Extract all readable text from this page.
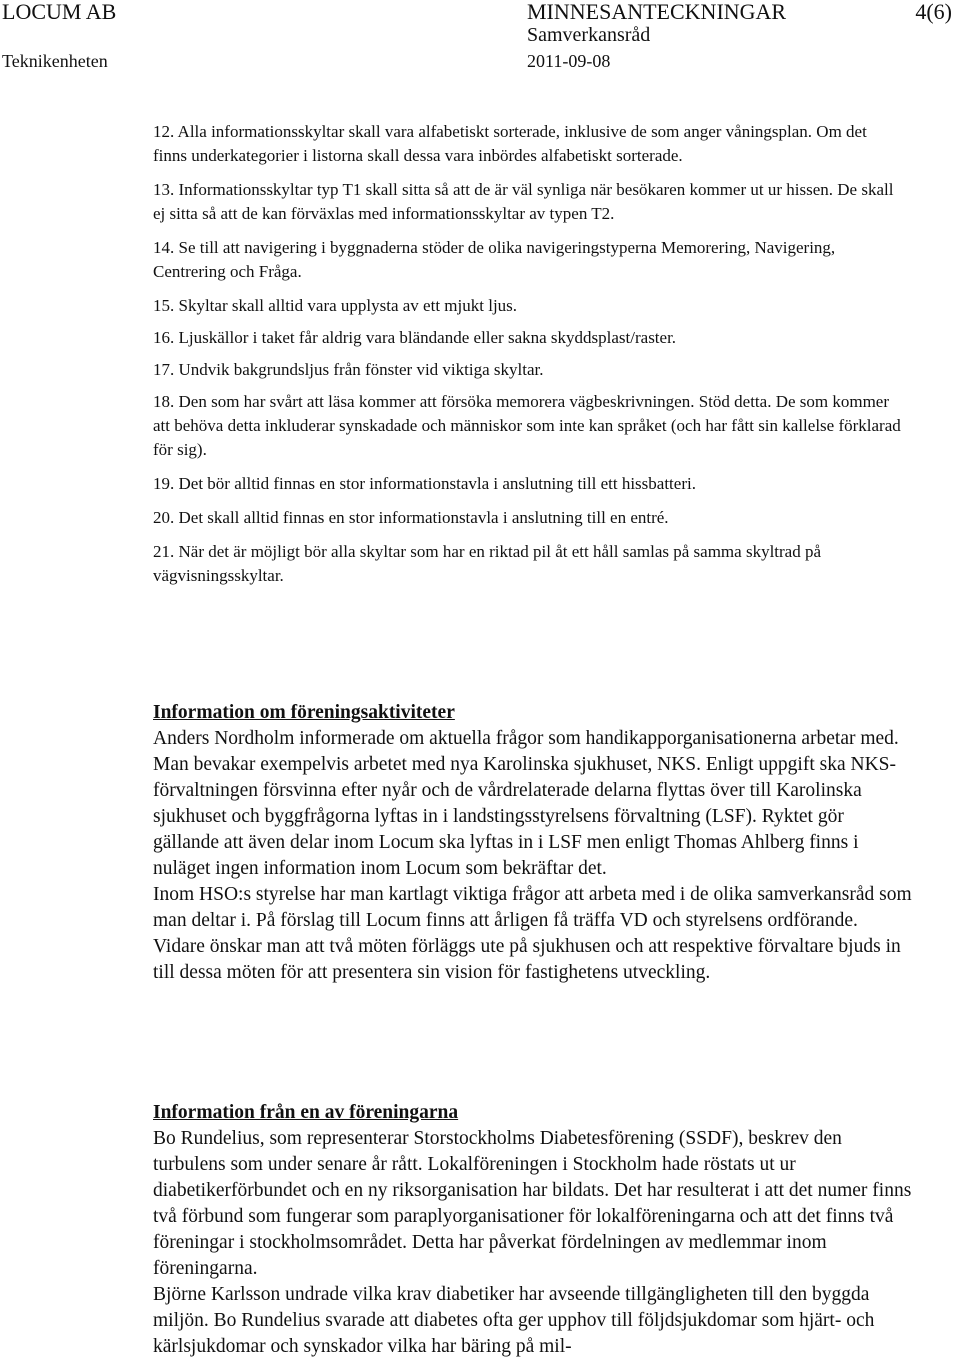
LOCUM AB	MINNESANTECKNINGAR	4(6)
Samverkansråd
Teknikenheten	2011-09-08
12. Alla informationsskyltar skall vara alfabetiskt sorterade, inklusive de som anger våningsplan. Om det finns underkategorier i listorna skall dessa vara inbördes alfabetiskt sorterade.
13. Informationsskyltar typ T1 skall sitta så att de är väl synliga när besökaren kommer ut ur hissen. De skall ej sitta så att de kan förväxlas med informationsskyltar av typen T2.
14. Se till att navigering i byggnaderna stöder de olika navigeringstyperna Memorering, Navigering, Centrering och Fråga.
15. Skyltar skall alltid vara upplysta av ett mjukt ljus.
16. Ljuskällor i taket får aldrig vara bländande eller sakna skyddsplast/raster.
17. Undvik bakgrundsljus från fönster vid viktiga skyltar.
18. Den som har svårt att läsa kommer att försöka memorera vägbeskrivningen. Stöd detta. De som kommer att behöva detta inkluderar synskadade och människor som inte kan språket (och har fått sin kallelse förklarad för sig).
19. Det bör alltid finnas en stor informationstavla i anslutning till ett hissbatteri.
20. Det skall alltid finnas en stor informationstavla i anslutning till en entré.
21. När det är möjligt bör alla skyltar som har en riktad pil åt ett håll samlas på samma skyltrad på vägvisningsskyltar.
Information om föreningsaktiviteter

Anders Nordholm informerade om aktuella frågor som handikapporganisationerna arbetar med. Man bevakar exempelvis arbetet med nya Karolinska sjukhuset, NKS. Enligt uppgift ska NKS-förvaltningen försvinna efter nyår och de vårdrelaterade delarna flyttas över till Karolinska sjukhuset och byggfrågorna lyftas in i landstingsstyrelsens förvaltning (LSF). Ryktet gör gällande att även delar inom Locum ska lyftas in i LSF men enligt Thomas Ahlberg finns i nuläget ingen information inom Locum som bekräftar det.

Inom HSO:s styrelse har man kartlagt viktiga frågor att arbeta med i de olika samverkansråd som man deltar i. På förslag till Locum finns att årligen få träffa VD och styrelsens ordförande. Vidare önskar man att två möten förläggs ute på sjukhusen och att respektive förvaltare bjuds in till dessa möten för att presentera sin vision för fastighetens utveckling.

Information från en av föreningarna

Bo Rundelius, som representerar Storstockholms Diabetesförening (SSDF), beskrev den turbulens som under senare år rått. Lokalföreningen i Stockholm hade röstats ut ur diabetikerförbundet och en ny riksorganisation har bildats. Det har resulterat i att det numer finns två förbund som fungerar som paraplyorganisationer för lokalföreningarna och att det finns två föreningar i stockholmsområdet. Detta har påverkat fördelningen av medlemmar inom föreningarna.

Björne Karlsson undrade vilka krav diabetiker har avseende tillgängligheten till den byggda miljön. Bo Rundelius svarade att diabetes ofta ger upphov till följdsjukdomar som hjärt- och kärlsjukdomar och synskador vilka har bäring på mil-
